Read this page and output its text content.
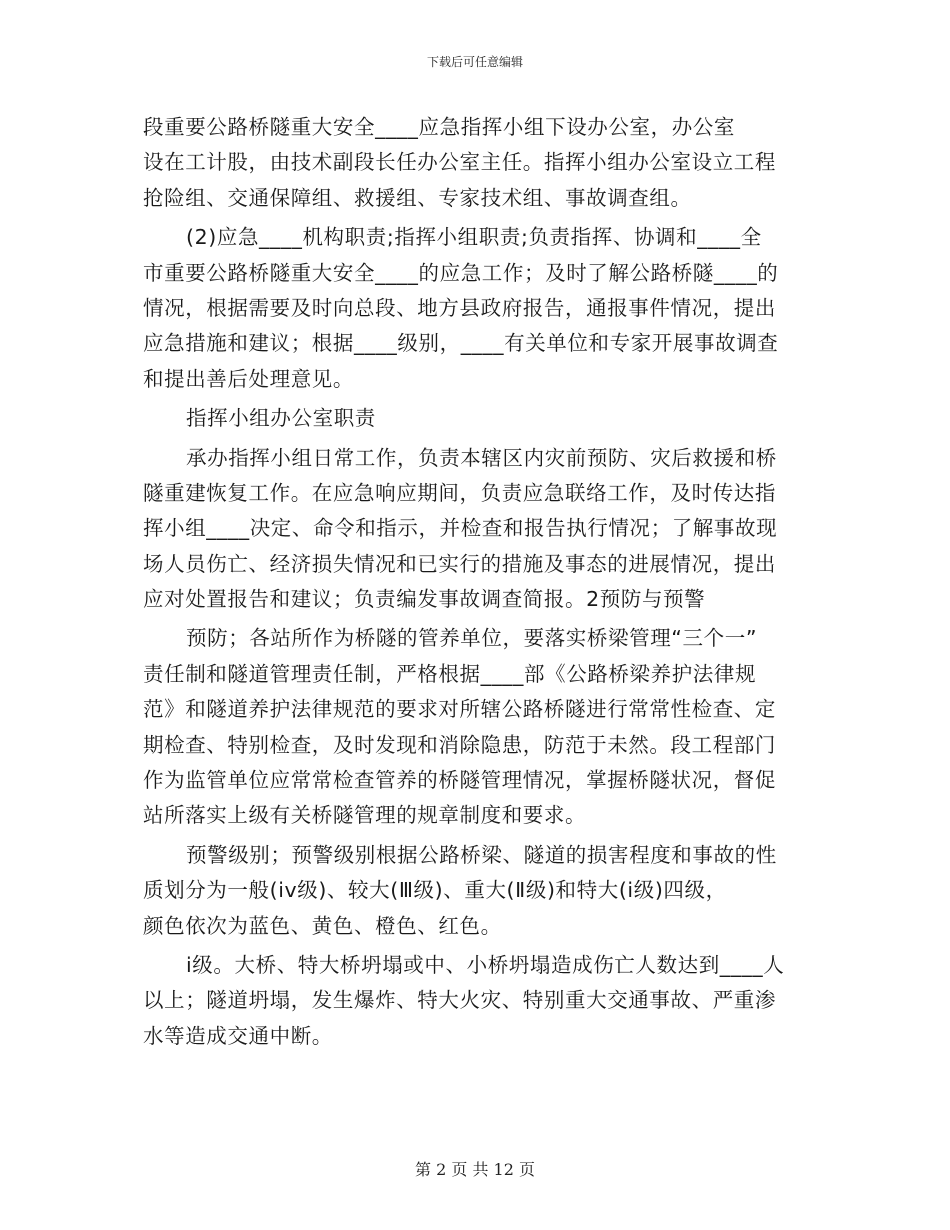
下载后可任意编辑
段重要公路桥隧重大安全____应急指挥小组下设办公室，办公室
设在工计股，由技术副段长任办公室主任。指挥小组办公室设立工程
抢险组、交通保障组、救援组、专家技术组、事故调查组。
(2)应急____机构职责;指挥小组职责;负责指挥、协调和____全
市重要公路桥隧重大安全____的应急工作；及时了解公路桥隧____的
情况，根据需要及时向总段、地方县政府报告，通报事件情况，提出
应急措施和建议；根据____级别，____有关单位和专家开展事故调查
和提出善后处理意见。
指挥小组办公室职责
承办指挥小组日常工作，负责本辖区内灾前预防、灾后救援和桥
隧重建恢复工作。在应急响应期间，负责应急联络工作，及时传达指
挥小组____决定、命令和指示，并检查和报告执行情况；了解事故现
场人员伤亡、经济损失情况和已实行的措施及事态的进展情况，提出
应对处置报告和建议；负责编发事故调查简报。2预防与预警
预防；各站所作为桥隧的管养单位，要落实桥梁管理“三个一”
责任制和隧道管理责任制，严格根据____部《公路桥梁养护法律规
范》和隧道养护法律规范的要求对所辖公路桥隧进行常常性检查、定
期检查、特别检查，及时发现和消除隐患，防范于未然。段工程部门
作为监管单位应常常检查管养的桥隧管理情况，掌握桥隧状况，督促
站所落实上级有关桥隧管理的规章制度和要求。
预警级别；预警级别根据公路桥梁、隧道的损害程度和事故的性
质划分为一般(iv级)、较大(Ⅲ级)、重大(Ⅱ级)和特大(i级)四级，
颜色依次为蓝色、黄色、橙色、红色。
i级。大桥、特大桥坍塌或中、小桥坍塌造成伤亡人数达到____人
以上；隧道坍塌，发生爆炸、特大火灾、特别重大交通事故、严重渗
水等造成交通中断。
第 2 页 共 12 页
